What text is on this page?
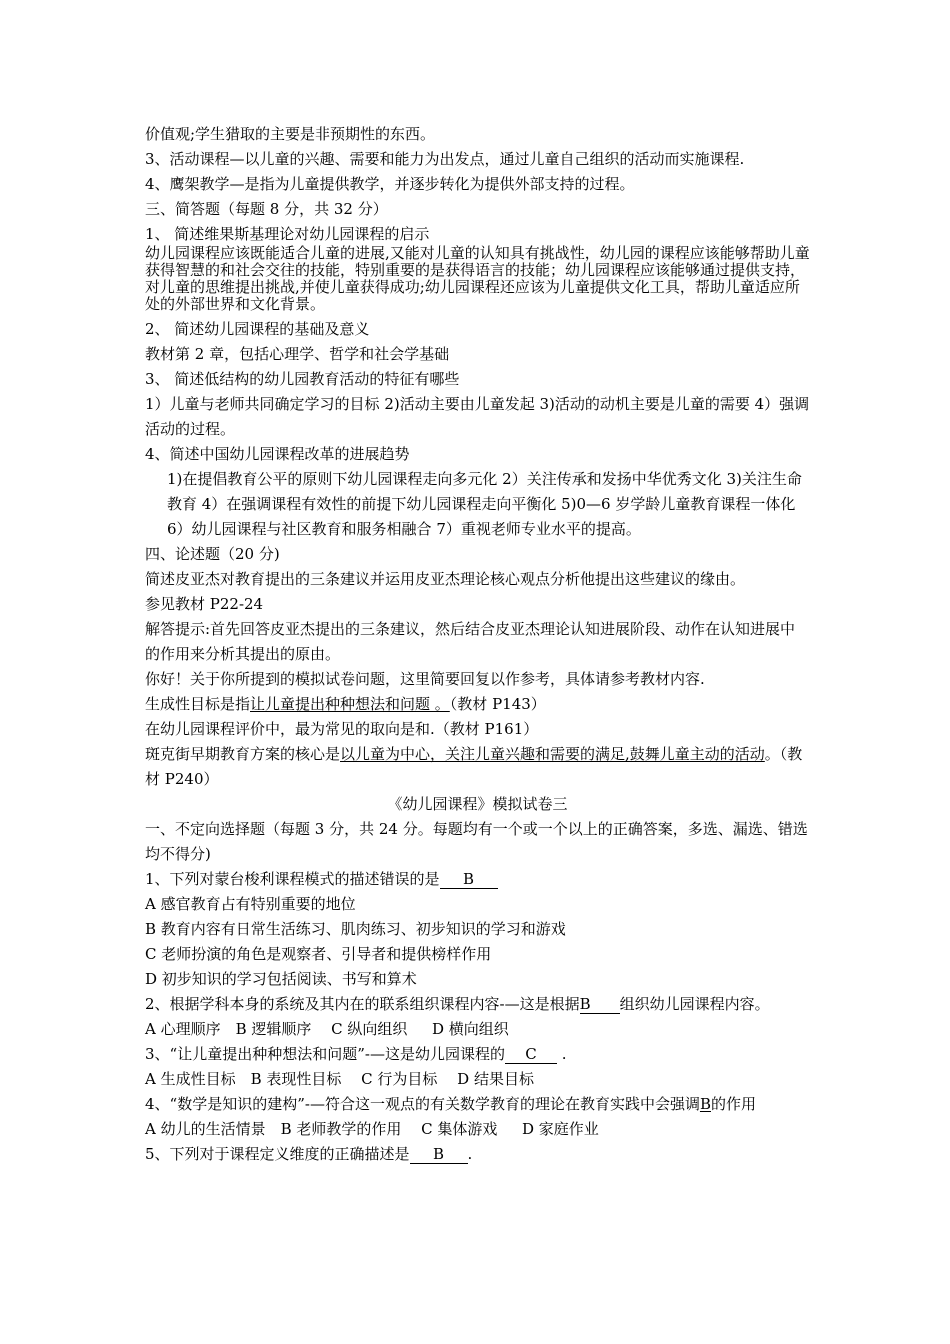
价值观;学生猎取的主要是非预期性的东西。

3、活动课程—以儿童的兴趣、需要和能力为出发点，通过儿童自己组织的活动而实施课程.

4、鹰架教学—是指为儿童提供教学，并逐步转化为提供外部支持的过程。

三、简答题（每题 8 分，共 32 分）

1、 简述维果斯基理论对幼儿园课程的启示

幼儿园课程应该既能适合儿童的进展,又能对儿童的认知具有挑战性，幼儿园的课程应该能够帮助儿童获得智慧的和社会交往的技能，特别重要的是获得语言的技能；幼儿园课程应该能够通过提供支持，对儿童的思维提出挑战,并使儿童获得成功;幼儿园课程还应该为儿童提供文化工具，帮助儿童适应所处的外部世界和文化背景。

2、 简述幼儿园课程的基础及意义

教材第 2 章，包括心理学、哲学和社会学基础

3、 简述低结构的幼儿园教育活动的特征有哪些

1）儿童与老师共同确定学习的目标 2)活动主要由儿童发起 3)活动的动机主要是儿童的需要 4）强调活动的过程。

4、简述中国幼儿园课程改革的进展趋势

1)在提倡教育公平的原则下幼儿园课程走向多元化 2）关注传承和发扬中华优秀文化 3)关注生命教育 4）在强调课程有效性的前提下幼儿园课程走向平衡化 5)0—6 岁学龄儿童教育课程一体化 6）幼儿园课程与社区教育和服务相融合 7）重视老师专业水平的提高。

四、论述题（20 分)

简述皮亚杰对教育提出的三条建议并运用皮亚杰理论核心观点分析他提出这些建议的缘由。

参见教材 P22-24

解答提示:首先回答皮亚杰提出的三条建议，然后结合皮亚杰理论认知进展阶段、动作在认知进展中的作用来分析其提出的原由。

你好！关于你所提到的模拟试卷问题，这里简要回复以作参考，具体请参考教材内容.

生成性目标是指让儿童提出种种想法和问题 。（教材 P143）

在幼儿园课程评价中，最为常见的取向是和.（教材 P161）

斑克街早期教育方案的核心是以儿童为中心，关注儿童兴趣和需要的满足,鼓舞儿童主动的活动。（教材 P240）

《幼儿园课程》模拟试卷三

一、不定向选择题（每题 3 分，共 24 分。每题均有一个或一个以上的正确答案，多选、漏选、错选均不得分)

1、下列对蒙台梭利课程模式的描述错误的是 B

A 感官教育占有特别重要的地位

B 教育内容有日常生活练习、肌肉练习、初步知识的学习和游戏

C 老师扮演的角色是观察者、引导者和提供榜样作用

D 初步知识的学习包括阅读、书写和算术

2、根据学科本身的系统及其内在的联系组织课程内容-—这是根据B 组织幼儿园课程内容。

A 心理顺序　B 逻辑顺序　 C 纵向组织　  D 横向组织

3、“让儿童提出种种想法和问题”-—这是幼儿园课程的 C .

A 生成性目标　B 表现性目标　 C 行为目标　 D 结果目标

4、“数学是知识的建构”-—符合这一观点的有关数学教育的理论在教育实践中会强调B的作用

A 幼儿的生活情景　B 老师教学的作用　 C 集体游戏　  D 家庭作业

5、下列对于课程定义维度的正确描述是 B .
